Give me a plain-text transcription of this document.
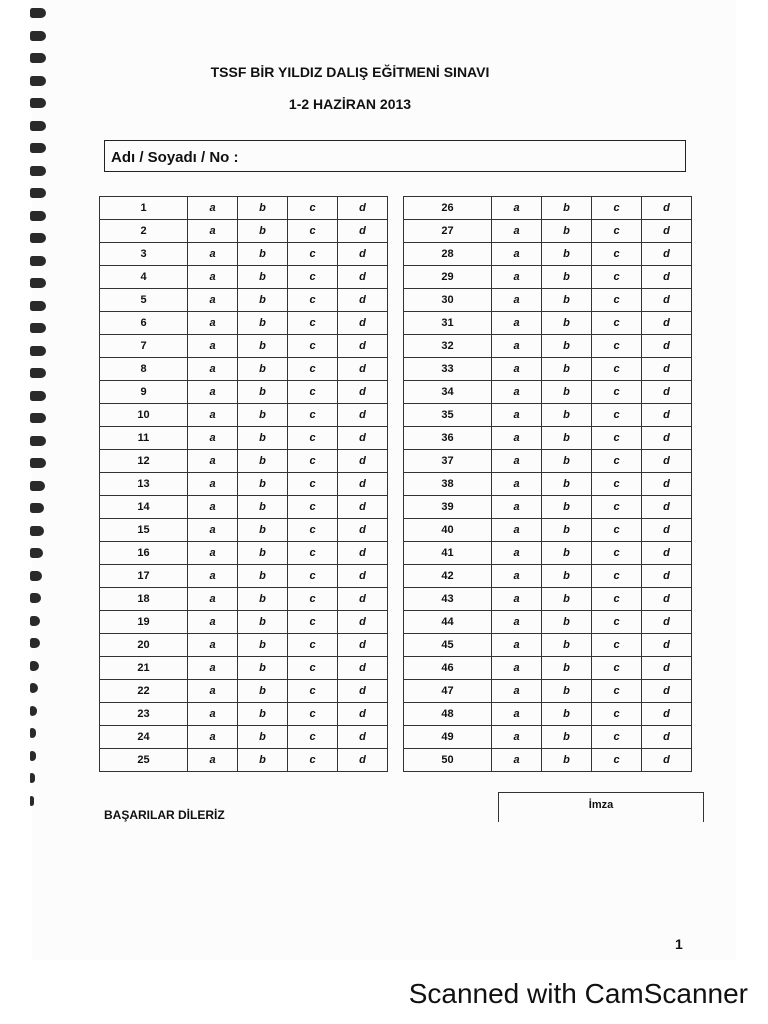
TSSF BİR YILDIZ DALIŞ EĞİTMENİ SINAVI
1-2 HAZİRAN 2013
Adı / Soyadı / No :
1	a	b	c	d
2	a	b	c	d
3	a	b	c	d
4	a	b	c	d
5	a	b	c	d
6	a	b	c	d
7	a	b	c	d
8	a	b	c	d
9	a	b	c	d
10	a	b	c	d
11	a	b	c	d
12	a	b	c	d
13	a	b	c	d
14	a	b	c	d
15	a	b	c	d
16	a	b	c	d
17	a	b	c	d
18	a	b	c	d
19	a	b	c	d
20	a	b	c	d
21	a	b	c	d
22	a	b	c	d
23	a	b	c	d
24	a	b	c	d
25	a	b	c	d
26	a	b	c	d
27	a	b	c	d
28	a	b	c	d
29	a	b	c	d
30	a	b	c	d
31	a	b	c	d
32	a	b	c	d
33	a	b	c	d
34	a	b	c	d
35	a	b	c	d
36	a	b	c	d
37	a	b	c	d
38	a	b	c	d
39	a	b	c	d
40	a	b	c	d
41	a	b	c	d
42	a	b	c	d
43	a	b	c	d
44	a	b	c	d
45	a	b	c	d
46	a	b	c	d
47	a	b	c	d
48	a	b	c	d
49	a	b	c	d
50	a	b	c	d
BAŞARILAR DİLERİZ
İmza
1
Scanned with CamScanner
